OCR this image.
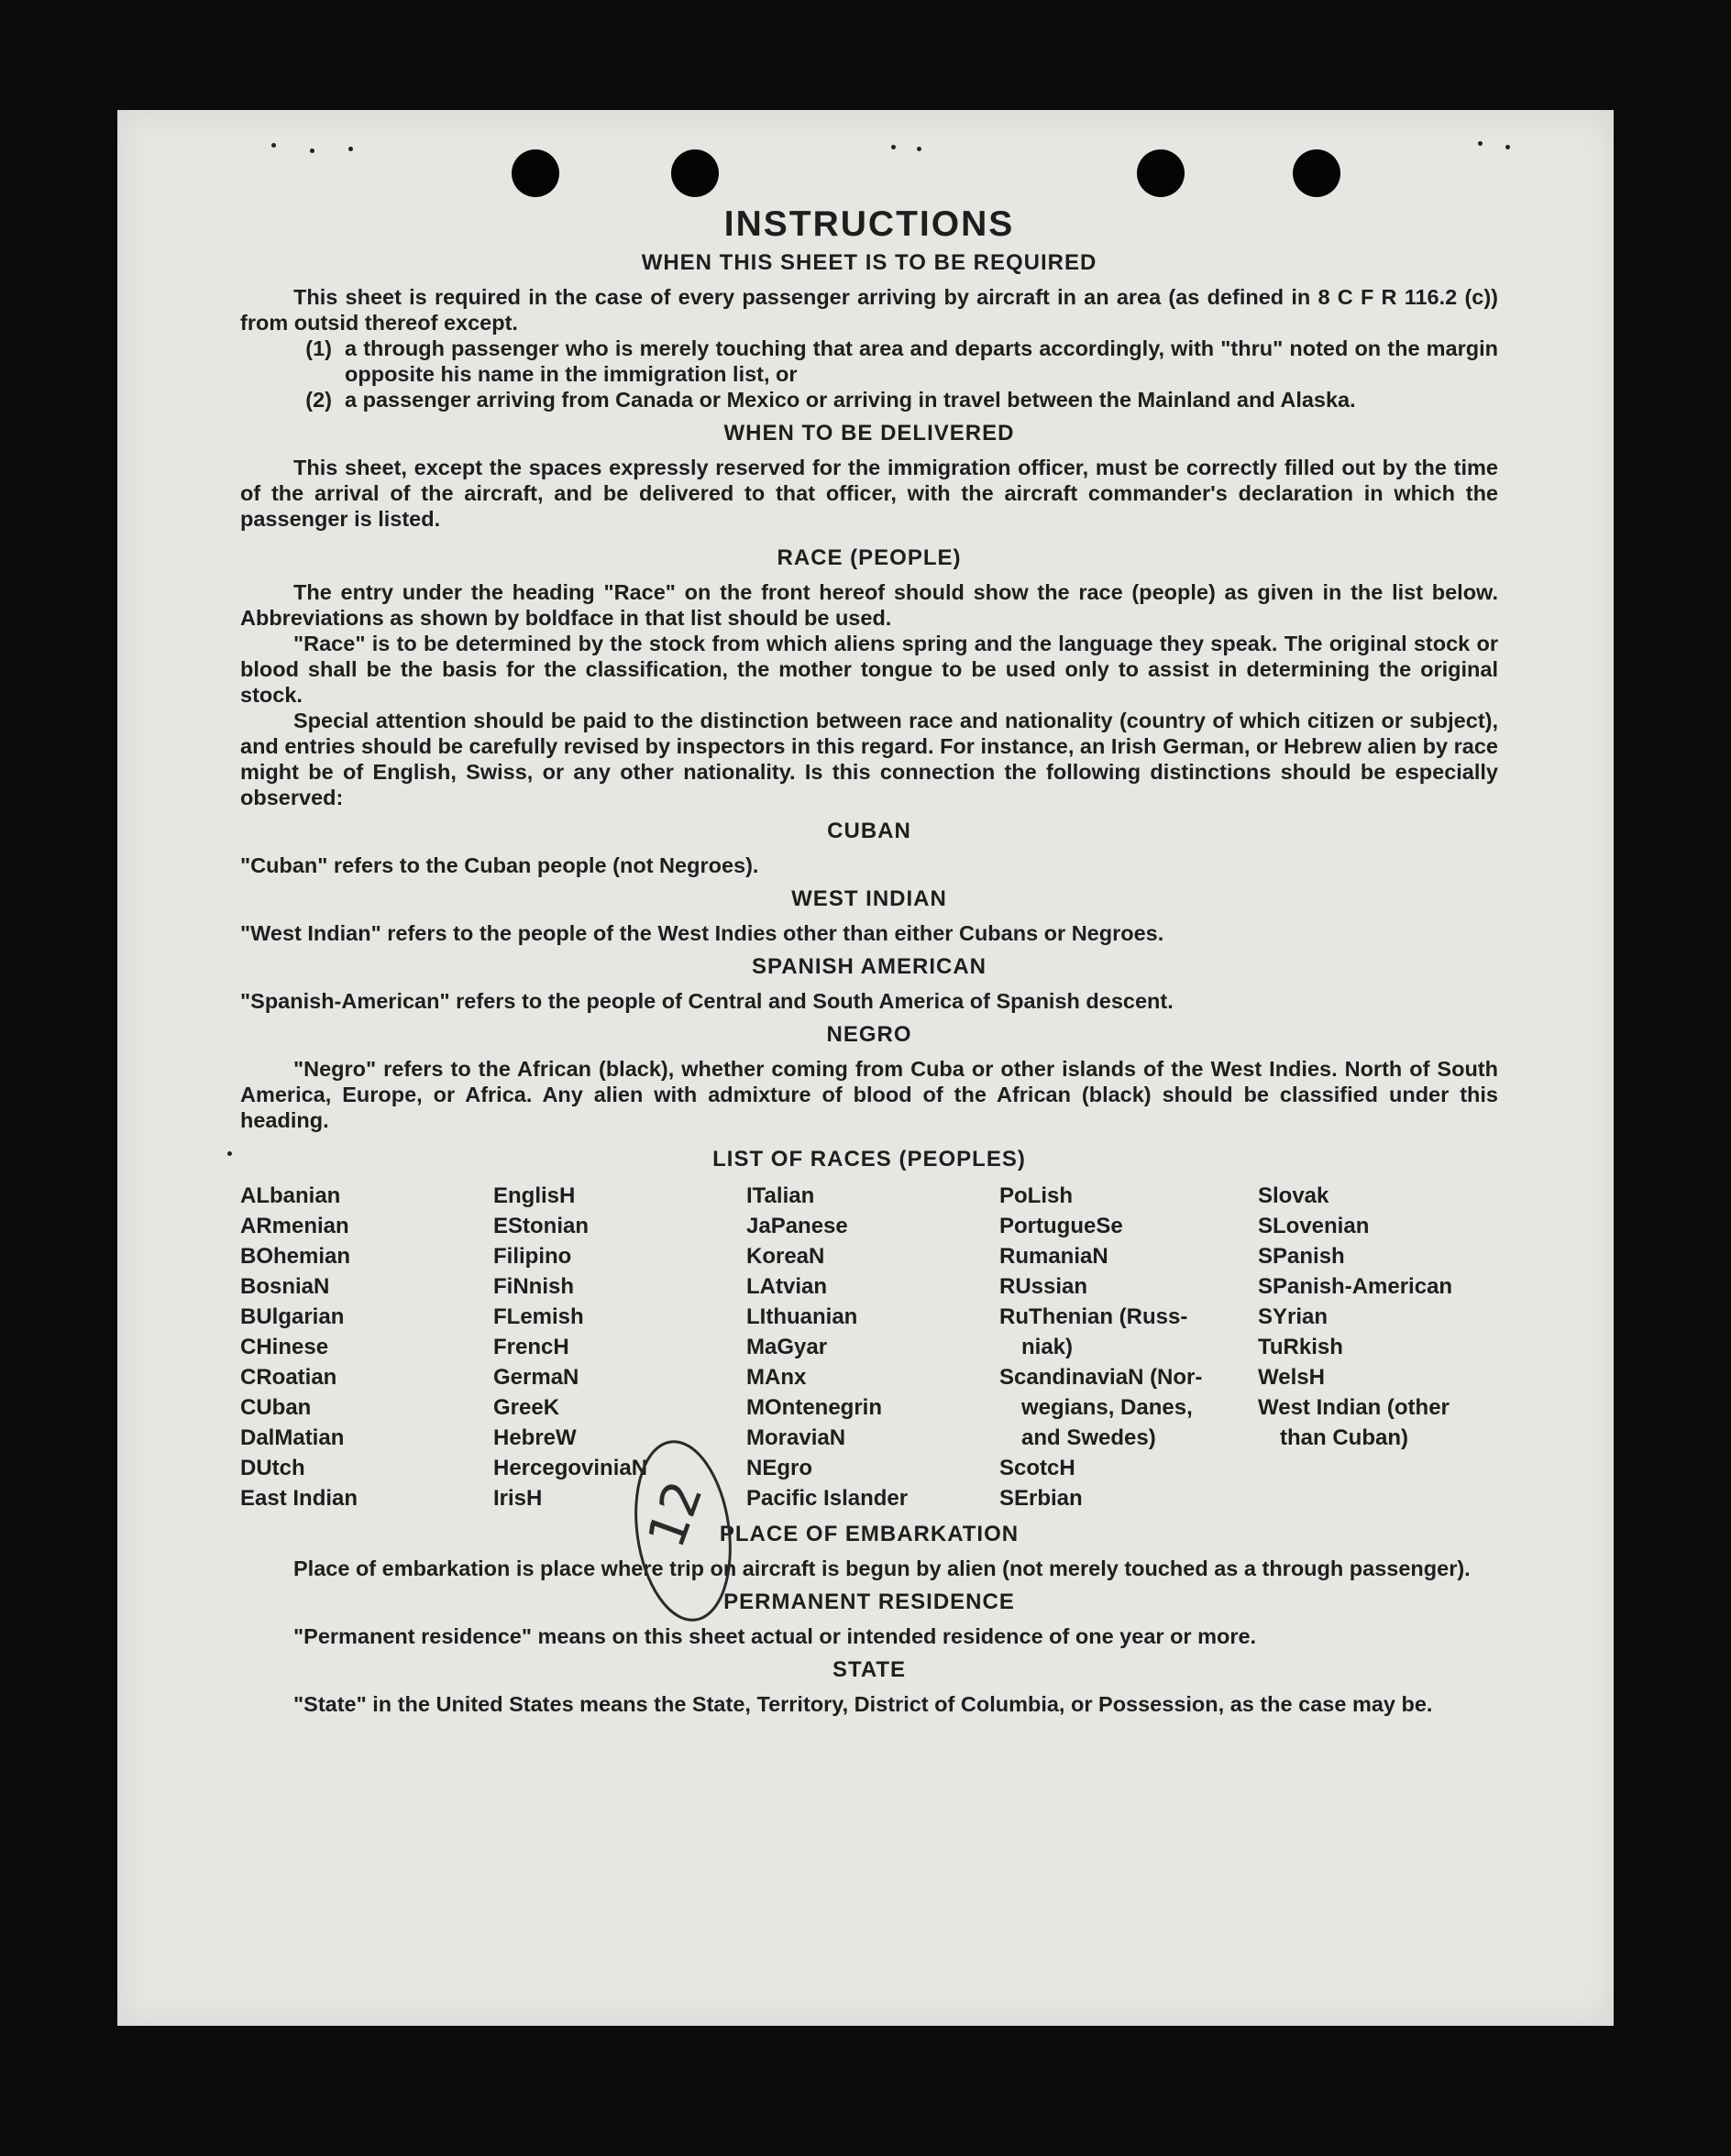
INSTRUCTIONS
WHEN THIS SHEET IS TO BE REQUIRED

This sheet is required in the case of every passenger arriving by aircraft in an area (as defined in 8 C F R 116.2 (c)) from outsid thereof except.

(1) a through passenger who is merely touching that area and departs accordingly, with "thru" noted on the margin opposite his name in the immigration list, or
(2) a passenger arriving from Canada or Mexico or arriving in travel between the Mainland and Alaska.
WHEN TO BE DELIVERED

This sheet, except the spaces expressly reserved for the immigration officer, must be correctly filled out by the time of the arrival of the aircraft, and be delivered to that officer, with the aircraft commander's declaration in which the passenger is listed.

RACE (PEOPLE)

The entry under the heading "Race" on the front hereof should show the race (people) as given in the list below. Abbreviations as shown by boldface in that list should be used.

"Race" is to be determined by the stock from which aliens spring and the language they speak. The original stock or blood shall be the basis for the classification, the mother tongue to be used only to assist in determining the original stock.

Special attention should be paid to the distinction between race and nationality (country of which citizen or subject), and entries should be carefully revised by inspectors in this regard. For instance, an Irish German, or Hebrew alien by race might be of English, Swiss, or any other nationality. Is this connection the following distinctions should be especially observed:

CUBAN

"Cuban" refers to the Cuban people (not Negroes).

WEST INDIAN

"West Indian" refers to the people of the West Indies other than either Cubans or Negroes.

SPANISH AMERICAN

"Spanish-American" refers to the people of Central and South America of Spanish descent.

NEGRO

"Negro" refers to the African (black), whether coming from Cuba or other islands of the West Indies. North of South America, Europe, or Africa. Any alien with admixture of blood of the African (black) should be classified under this heading.

LIST OF RACES (PEOPLES)
ALbanian
ARmenian
BOhemian
BosniaN
BUlgarian
CHinese
CRoatian
CUban
DalMatian
DUtch
East Indian
EnglisH
EStonian
Filipino
FiNnish
FLemish
FrencH
GermaN
GreeK
HebreW
HercegoviniaN
IrisH
ITalian
JaPanese
KoreaN
LAtvian
LIthuanian
MaGyar
MAnx
MOntenegrin
MoraviaN
NEgro
Pacific Islander
PoLish
PortugueSe
RumaniaN
RUssian
RuThenian (Russ-
niak)
ScandinaviaN (Nor-
wegians, Danes,
and Swedes)
ScotcH
SErbian
Slovak
SLovenian
SPanish
SPanish-American
SYrian
TuRkish
WelsH
West Indian (other
than Cuban)
PLACE OF EMBARKATION

Place of embarkation is place where trip on aircraft is begun by alien (not merely touched as a through passenger).

PERMANENT RESIDENCE

"Permanent residence" means on this sheet actual or intended residence of one year or more.

STATE

"State" in the United States means the State, Territory, District of Columbia, or Possession, as the case may be.

12
